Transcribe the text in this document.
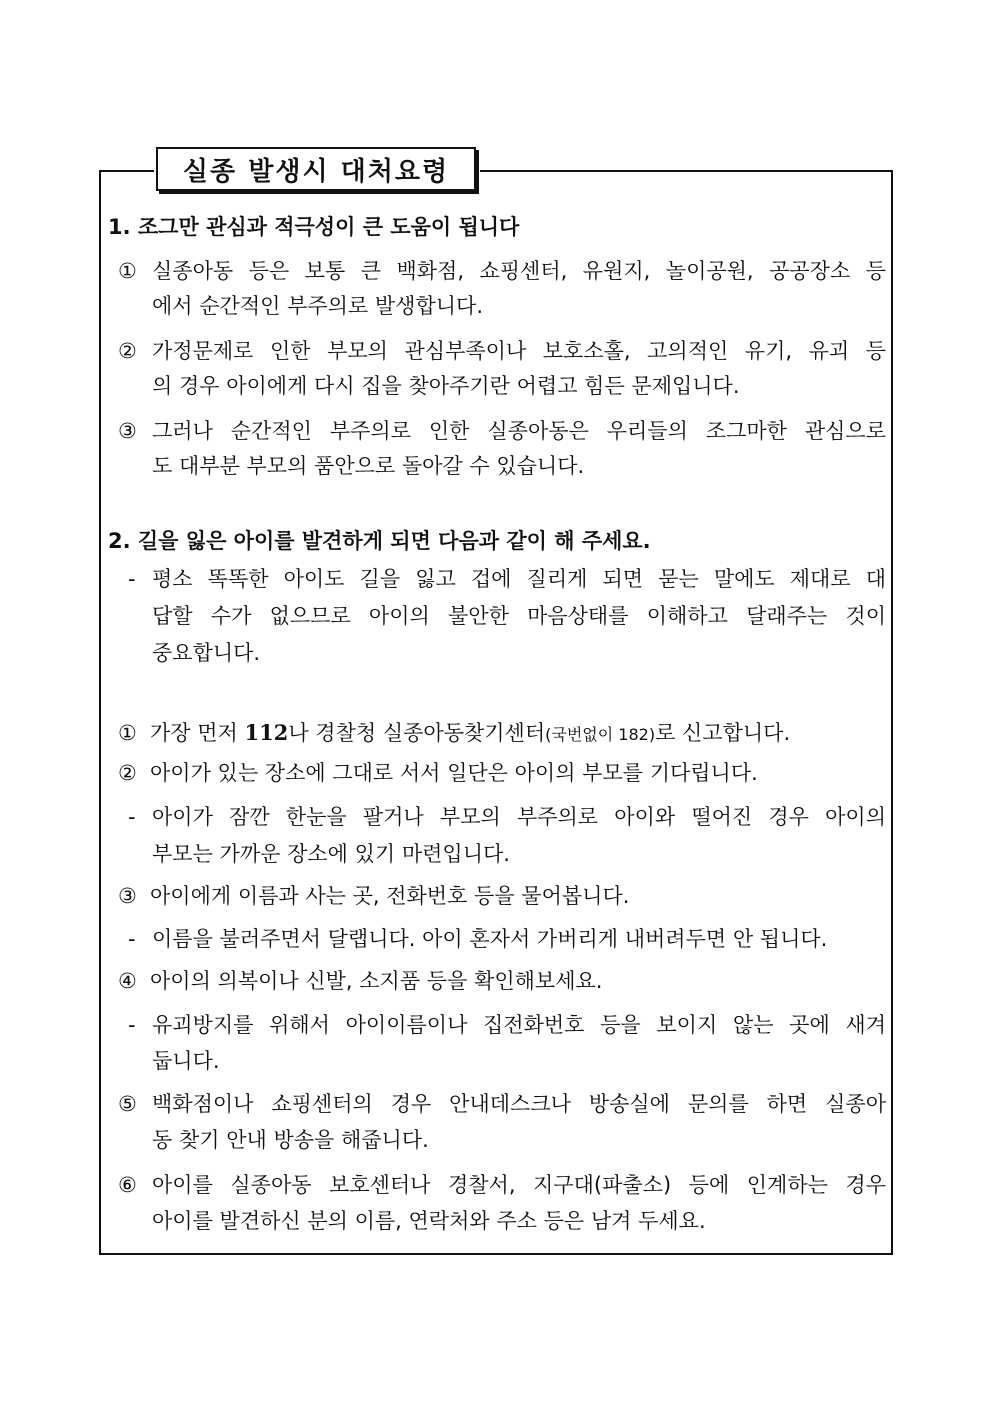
실종 발생시 대처요령
1. 조그만 관심과 적극성이 큰 도움이 됩니다
① 실종아동 등은 보통 큰 백화점, 쇼핑센터, 유원지, 놀이공원, 공공장소 등
에서 순간적인 부주의로 발생합니다.
② 가정문제로 인한 부모의 관심부족이나 보호소홀, 고의적인 유기, 유괴 등
의 경우 아이에게 다시 집을 찾아주기란 어렵고 힘든 문제입니다.
③ 그러나 순간적인 부주의로 인한 실종아동은 우리들의 조그마한 관심으로
도 대부분 부모의 품안으로 돌아갈 수 있습니다.
2. 길을 잃은 아이를 발견하게 되면 다음과 같이 해 주세요.
- 평소 똑똑한 아이도 길을 잃고 겁에 질리게 되면 묻는 말에도 제대로 대
답할 수가 없으므로 아이의 불안한 마음상태를 이해하고 달래주는 것이
중요합니다.
① 가장 먼저 112나 경찰청 실종아동찾기센터(국번없이 182)로 신고합니다.
② 아이가 있는 장소에 그대로 서서 일단은 아이의 부모를 기다립니다.
- 아이가 잠깐 한눈을 팔거나 부모의 부주의로 아이와 떨어진 경우 아이의
부모는 가까운 장소에 있기 마련입니다.
③ 아이에게 이름과 사는 곳, 전화번호 등을 물어봅니다.
- 이름을 불러주면서 달랩니다. 아이 혼자서 가버리게 내버려두면 안 됩니다.
④ 아이의 의복이나 신발, 소지품 등을 확인해보세요.
- 유괴방지를 위해서 아이이름이나 집전화번호 등을 보이지 않는 곳에 새겨
둡니다.
⑤ 백화점이나 쇼핑센터의 경우 안내데스크나 방송실에 문의를 하면 실종아
동 찾기 안내 방송을 해줍니다.
⑥ 아이를 실종아동 보호센터나 경찰서, 지구대(파출소) 등에 인계하는 경우
아이를 발견하신 분의 이름, 연락처와 주소 등은 남겨 두세요.
